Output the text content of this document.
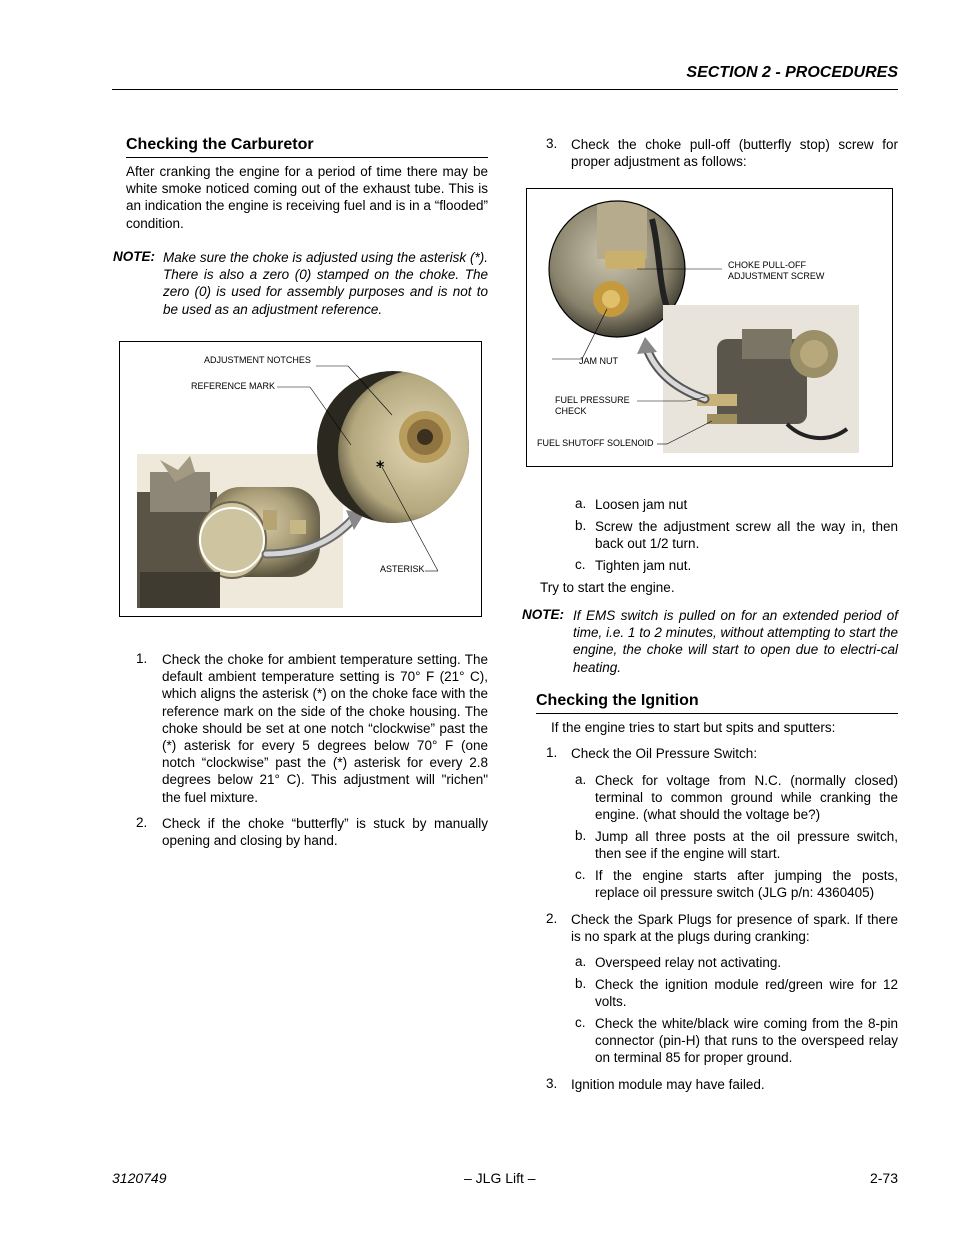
SECTION 2 - PROCEDURES
Checking the Carburetor
After cranking the engine for a period of time there may be white smoke noticed coming out of the exhaust tube. This is an indication the engine is receiving fuel and is in a “flooded” condition.
NOTE: Make sure the choke is adjusted using the asterisk (*). There is also a zero (0) stamped on the choke. The zero (0) is used for assembly purposes and is not to be used as an adjustment reference.
*
ADJUSTMENT NOTCHES
REFERENCE MARK
ASTERISK
1. Check the choke for ambient temperature setting. The default ambient temperature setting is 70° F (21° C), which aligns the asterisk (*) on the choke face with the reference mark on the side of the choke housing. The choke should be set at one notch “clockwise” past the (*) asterisk for every 5 degrees below 70° F (one notch “clockwise” past the (*) asterisk for every 2.8 degrees below 21° C). This adjustment will "richen" the fuel mixture.
2. Check if the choke “butterfly” is stuck by manually opening and closing by hand.
3. Check the choke pull-off (butterfly stop) screw for proper adjustment as follows:
CHOKE PULL-OFF ADJUSTMENT SCREW
JAM NUT
FUEL PRESSURE CHECK
FUEL SHUTOFF SOLENOID
a. Loosen jam nut
b. Screw the adjustment screw all the way in, then back out 1/2 turn.
c. Tighten jam nut.
Try to start the engine.
NOTE: If EMS switch is pulled on for an extended period of time, i.e. 1 to 2 minutes, without attempting to start the engine, the choke will start to open due to electri-cal heating.
Checking the Ignition
If the engine tries to start but spits and sputters:
1. Check the Oil Pressure Switch:
a. Check for voltage from N.C. (normally closed) terminal to common ground while cranking the engine. (what should the voltage be?)
b. Jump all three posts at the oil pressure switch, then see if the engine will start.
c. If the engine starts after jumping the posts, replace oil pressure switch (JLG p/n: 4360405)
2. Check the Spark Plugs for presence of spark. If there is no spark at the plugs during cranking:
a. Overspeed relay not activating.
b. Check the ignition module red/green wire for 12 volts.
c. Check the white/black wire coming from the 8-pin connector (pin-H) that runs to the overspeed relay on terminal 85 for proper ground.
3. Ignition module may have failed.
3120749	– JLG Lift –	2-73
